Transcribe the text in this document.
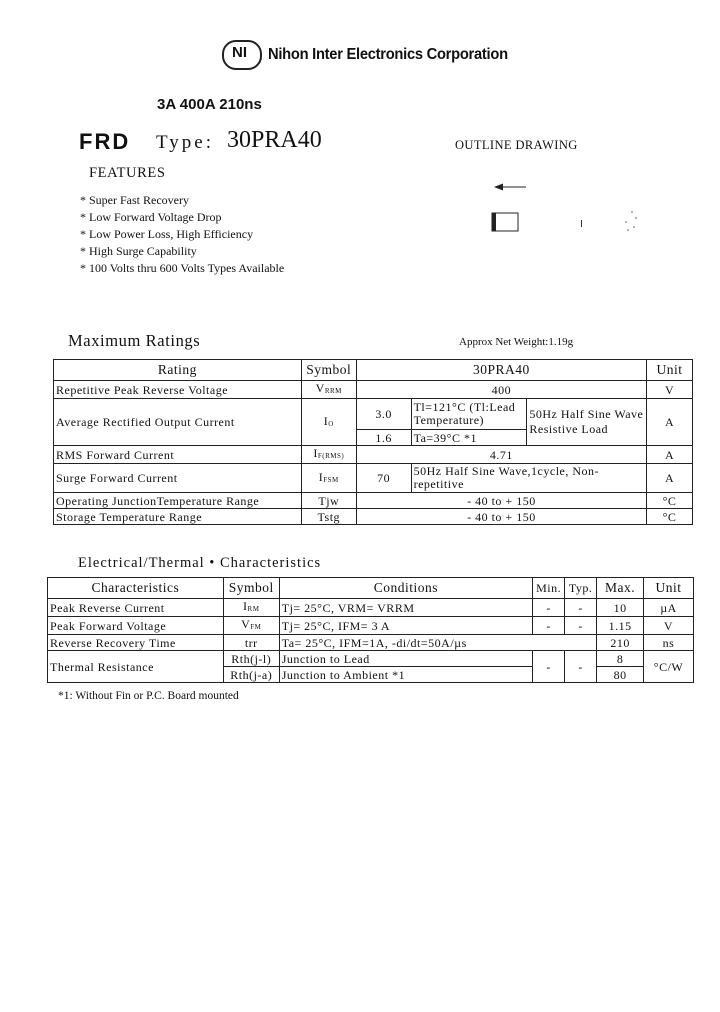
NI Nihon Inter Electronics Corporation
3A 400A 210ns
FRD Type: 30PRA40	OUTLINE DRAWING
FEATURES
* Super Fast Recovery
* Low Forward Voltage Drop
* Low Power Loss, High Efficiency
* High Surge Capability
* 100 Volts thru 600 Volts Types Available
Maximum Ratings	Approx Net Weight:1.19g
Rating	Symbol	30PRA40			Unit
Repetitive Peak Reverse Voltage	$V_{RRM}$	400			V
Average Rectified Output Current	$I_O$	3.0	Tl=121°C (Tl:Lead Temperature)	50Hz Half Sine Wave Resistive Load	A
		1.6	Ta=39°C *1		
RMS Forward Current	$I_{F(RMS)}$	4.71			A
Surge Forward Current	$I_{FSM}$	70	50Hz Half Sine Wave,1cycle, Non-repetitive		A
Operating JunctionTemperature Range	Tjw	- 40 to + 150			°C
Storage Temperature Range	Tstg	- 40 to + 150			°C
Electrical/Thermal • Characteristics
Characteristics	Symbol	Conditions	Min.	Typ.	Max.	Unit
Peak Reverse Current	$I_{RM}$	Tj= 25°C, VRM= VRRM	-	-	10	µA
Peak Forward Voltage	$V_{FM}$	Tj= 25°C, IFM= 3 A	-	-	1.15	V
Reverse Recovery Time	trr	Ta= 25°C, IFM=1A, -di/dt=50A/µs			210	ns
Thermal Resistance	Rth(j-l)	Junction to Lead	-	-	8	°C/W
	Rth(j-a)	Junction to Ambient *1			80	
*1: Without Fin or P.C. Board mounted
